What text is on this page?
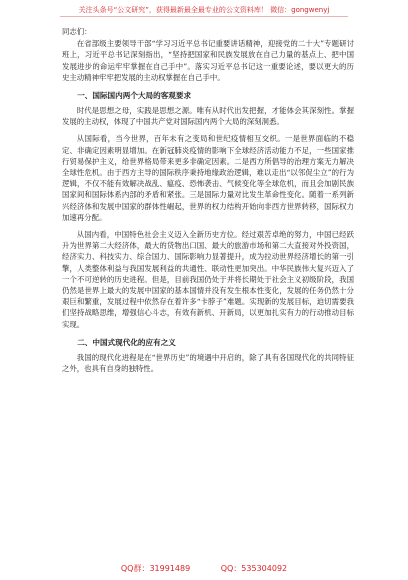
关注头条号“公文研究”，获得最新最全最专业的公文资料库！ 微信：gongwenyj

同志们：

在省部级主要领导干部“学习习近平总书记重要讲话精神，迎接党的二十大”专题研讨班上，习近平总书记深刻指出，“坚持把国家和民族发展放在自己力量的基点上、把中国发展进步的命运牢牢掌握在自己手中”。落实习近平总书记这一重要论述，要以更大的历史主动精神牢牢把发展的主动权掌握在自己手中。

一、国际国内两个大局的客观要求

时代是思想之母，实践是思想之源。唯有从时代出发把握，才能体会其深刻性。掌握发展的主动权，体现了中国共产党对国际国内两个大局的深刻洞悉。

从国际看，当今世界，百年未有之变局和世纪疫情相互交织。一是世界面临的不稳定、非确定因素明显增加。在新冠肺炎疫情的影响下全球经济活动能力不足，一些国家推行贸易保护主义，给世界格局带来更多非确定因素。二是西方所倡导的治理方案无力解决全球性危机。由于西方主导的国际秩序秉持地缘政治逻辑，难以走出“以邻促尘立”的行为逻辑，不仅不能有效解决战乱、瘟疫、恐怖袭击、气候变化等全球危机，而且会加剧民族国家间和国际体系内部的矛盾和紧张。三是国际力量对比发生革命性变化。随着一系列新兴经济体和发展中国家的群体性崛起，世界的权力结构开始向非西方世界转移，国际权力加速再分配。

从国内看，中国特色社会主义迈入全新历史方位。经过艰苦卓绝的努力，中国已经跃升为世界第二大经济体，最大的货物出口国、最大的旅游市场和第二大直接对外投资国，经济实力、科技实力、综合国力、国际影响力显著提升，成为拉动世界经济增长的第一引擎，人类整体利益与我国发展利益的共通性、联动性更加突出。中华民族伟大复兴迈入了一个不可逆转的历史进程。但是，目前我国仍处于并将长期处于社会主义初级阶段，我国仍然是世界上最大的发展中国家的基本国情并没有发生根本性变化，发展的任务仍然十分艰巨和繁重，发展过程中依然存在着许多“卡脖子”难题。实现新的发展目标，迫切需要我们坚持战略思维，增强信心斗志，有效有新机、开新局，以更加扎实有力的行动推动目标实现。

二、中国式现代化的应有之义

我国的现代化进程是在“世界历史”的境遇中开启的，除了具有各国现代化的共同特征之外，也具有自身的独特性。

QQ群：31991489	QQ：535304092
